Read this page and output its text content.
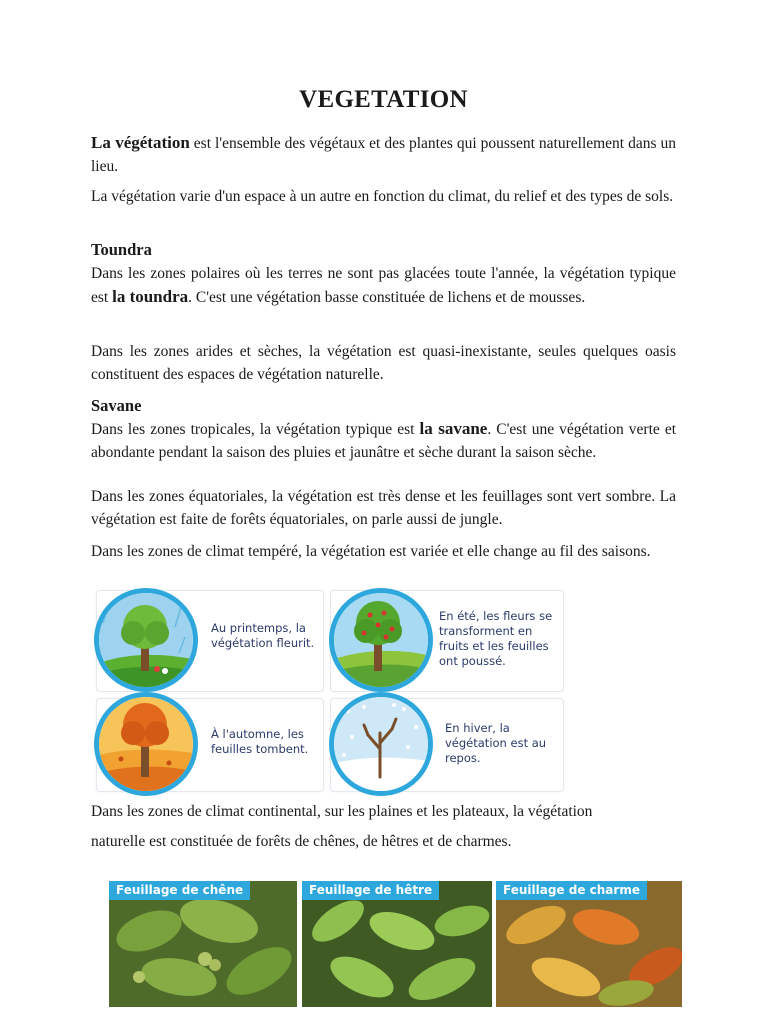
VEGETATION
La végétation est l'ensemble des végétaux et des plantes qui poussent naturellement dans un lieu.
La végétation varie d'un espace à un autre en fonction du climat, du relief et des types de sols.
Toundra
Dans les zones polaires où les terres ne sont pas glacées toute l'année, la végétation typique est la toundra. C'est une végétation basse constituée de lichens et de mousses.
Dans les zones arides et sèches, la végétation est quasi-inexistante, seules quelques oasis constituent des espaces de végétation naturelle.
Savane
Dans les zones tropicales, la végétation typique est la savane. C'est une végétation verte et abondante pendant la saison des pluies et jaunâtre et sèche durant la saison sèche.
Dans les zones équatoriales, la végétation est très dense et les feuillages sont vert sombre. La végétation est faite de forêts équatoriales, on parle aussi de jungle.
Dans les zones de climat tempéré, la végétation est variée et elle change au fil des saisons.
Dans les zones de climat continental, sur les plaines et les plateaux, la végétation
naturelle est constituée de forêts de chênes, de hêtres et de charmes.
Au printemps, la végétation fleurit.
En été, les fleurs se transforment en fruits et les feuilles ont poussé.
À l'automne, les feuilles tombent.
En hiver, la végétation est au repos.
Feuillage de chêne	Feuillage de hêtre	Feuillage de charme
